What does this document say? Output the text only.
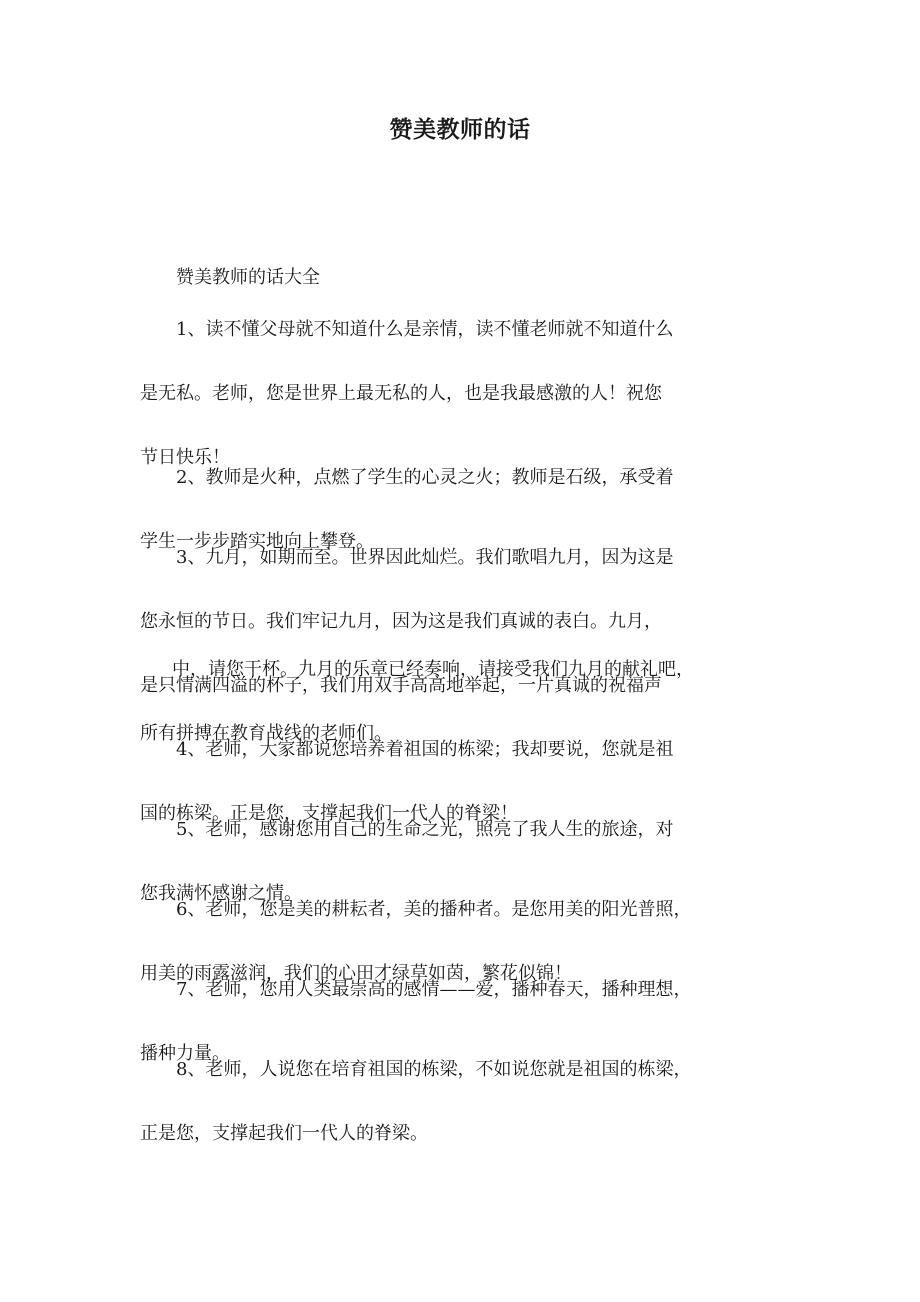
赞美教师的话

赞美教师的话大全

1、读不懂父母就不知道什么是亲情，读不懂老师就不知道什么

是无私。老师，您是世界上最无私的人，也是我最感激的人！祝您

节日快乐！

2、教师是火种，点燃了学生的心灵之火；教师是石级，承受着

学生一步步踏实地向上攀登。

3、九月，如期而至。世界因此灿烂。我们歌唱九月，因为这是

您永恒的节日。我们牢记九月，因为这是我们真诚的表白。九月，

是只情满四溢的杯子，我们用双手高高地举起，一片真诚的祝福声

中，请您干杯。九月的乐章已经奏响，请接受我们九月的献礼吧，

所有拼搏在教育战线的老师们。

4、老师，大家都说您培养着祖国的栋梁；我却要说，您就是祖

国的栋梁。正是您，支撑起我们一代人的脊梁！

5、老师，感谢您用自己的生命之光，照亮了我人生的旅途，对

您我满怀感谢之情。

6、老师，您是美的耕耘者，美的播种者。是您用美的阳光普照，

用美的雨露滋润，我们的心田才绿草如茵，繁花似锦！

7、老师，您用人类最崇高的感情——爱，播种春天，播种理想，

播种力量。

8、老师，人说您在培育祖国的栋梁，不如说您就是祖国的栋梁，

正是您，支撑起我们一代人的脊梁。
